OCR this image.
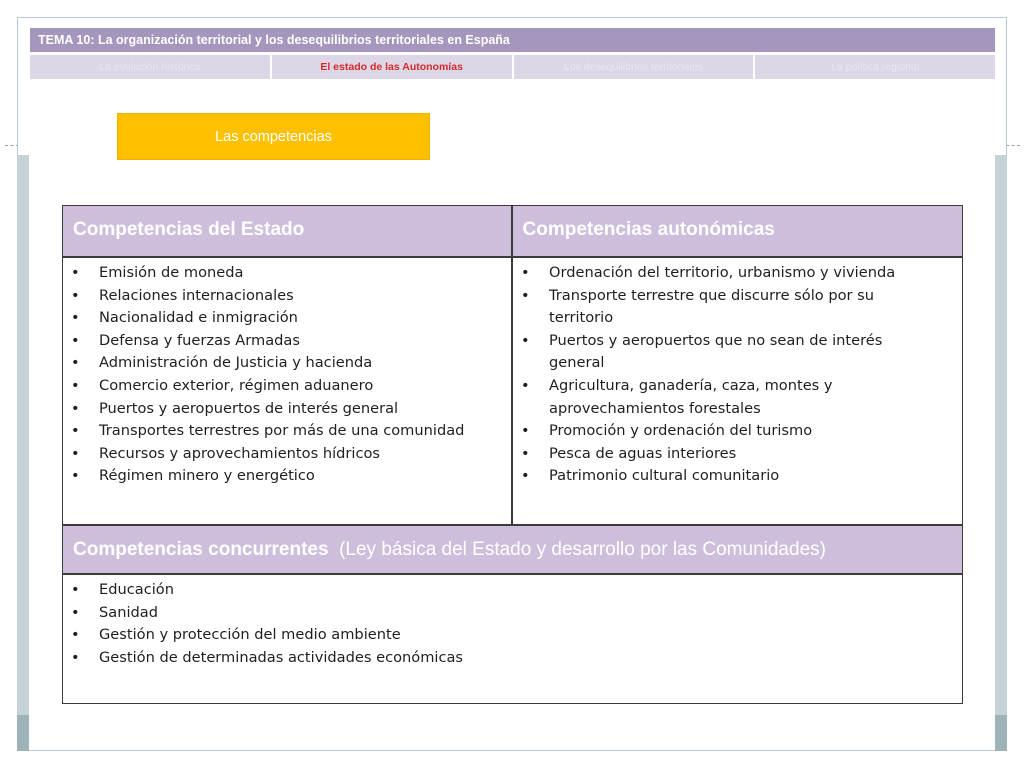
TEMA 10: La organización territorial y los desequilibrios territoriales en España
La evolución histórica	El estado de las Autonomías	Los desequilibrios territoriales	La política regional
Las competencias
Competencias del Estado	Competencias autonómicas
• Emisión de moneda
• Relaciones internacionales
• Nacionalidad e inmigración
• Defensa y fuerzas Armadas
• Administración de Justicia y hacienda
• Comercio exterior, régimen aduanero
• Puertos y aeropuertos de interés general
• Transportes terrestres por más de una comunidad
• Recursos y aprovechamientos hídricos
• Régimen minero y energético
• Ordenación del territorio, urbanismo y vivienda
• Transporte terrestre que discurre sólo por su territorio
• Puertos y aeropuertos que no sean de interés general
• Agricultura, ganadería, caza, montes y aprovechamientos forestales
• Promoción y ordenación del turismo
• Pesca de aguas interiores
• Patrimonio cultural comunitario
Competencias concurrentes (Ley básica del Estado y desarrollo por las Comunidades)
• Educación
• Sanidad
• Gestión y protección del medio ambiente
• Gestión de determinadas actividades económicas
